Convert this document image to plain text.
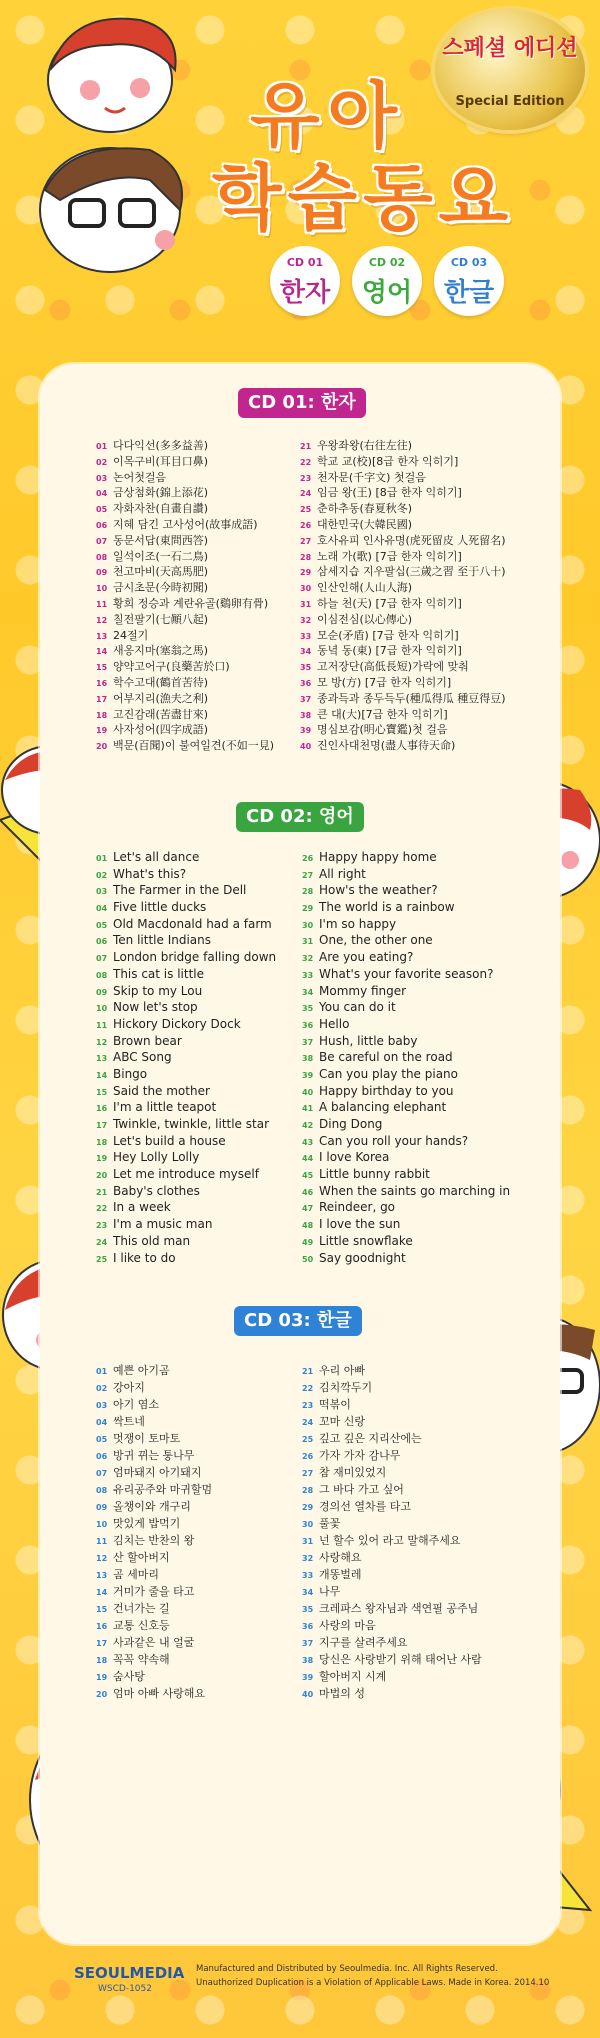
유아
학습동요
스페셜 에디션
Special Edition
CD 01
한자
CD 02
영어
CD 03
한글
CD 01: 한자
01 다다익선(多多益善)
02 이목구비(耳目口鼻)
03 논어첫걸음
04 금상첨화(錦上添花)
05 자화자찬(自畫自讚)
06 지혜 담긴 고사성어(故事成語)
07 동문서답(東問西答)
08 일석이조(一石二鳥)
09 천고마비(天高馬肥)
10 금시초문(今時初聞)
11 황희 정승과 계란유골(鷄卵有骨)
12 칠전팔기(七顚八起)
13 24절기
14 새옹지마(塞翁之馬)
15 양약고어구(良藥苦於口)
16 학수고대(鶴首苦待)
17 어부지리(漁夫之利)
18 고진감래(苦盡甘來)
19 사자성어(四字成語)
20 백문(百聞)이 불여일견(不如一見)
21 우왕좌왕(右往左往)
22 학교 교(校)[8급 한자 익히기]
23 천자문(千字文) 첫걸음
24 임금 왕(王) [8급 한자 익히기]
25 춘하추동(春夏秋冬)
26 대한민국(大韓民國)
27 호사유피 인사유명(虎死留皮 人死留名)
28 노래 가(歌) [7급 한자 익히기]
29 삼세지습 지우팔십(三歲之習 至于八十)
30 인산인해(人山人海)
31 하늘 천(天) [7급 한자 익히기]
32 이심전심(以心傳心)
33 모순(矛盾) [7급 한자 익히기]
34 동녘 동(東) [7급 한자 익히기]
35 고저장단(高低長短)가락에 맞춰
36 모 방(方) [7급 한자 익히기]
37 종과득과 종두득두(種瓜得瓜 種豆得豆)
38 큰 대(大)[7급 한자 익히기]
39 명심보감(明心寶鑑)첫 걸음
40 진인사대천명(盡人事待天命)
CD 02: 영어
01 Let's all dance
02 What's this?
03 The Farmer in the Dell
04 Five little ducks
05 Old Macdonald had a farm
06 Ten little Indians
07 London bridge falling down
08 This cat is little
09 Skip to my Lou
10 Now let's stop
11 Hickory Dickory Dock
12 Brown bear
13 ABC Song
14 Bingo
15 Said the mother
16 I'm a little teapot
17 Twinkle, twinkle, little star
18 Let's build a house
19 Hey Lolly Lolly
20 Let me introduce myself
21 Baby's clothes
22 In a week
23 I'm a music man
24 This old man
25 I like to do
26 Happy happy home
27 All right
28 How's the weather?
29 The world is a rainbow
30 I'm so happy
31 One, the other one
32 Are you eating?
33 What's your favorite season?
34 Mommy finger
35 You can do it
36 Hello
37 Hush, little baby
38 Be careful on the road
39 Can you play the piano
40 Happy birthday to you
41 A balancing elephant
42 Ding Dong
43 Can you roll your hands?
44 I love Korea
45 Little bunny rabbit
46 When the saints go marching in
47 Reindeer, go
48 I love the sun
49 Little snowflake
50 Say goodnight
CD 03: 한글
01 예쁜 아기곰
02 강아지
03 아기 염소
04 싹트네
05 멋쟁이 토마토
06 방귀 뀌는 퉁나무
07 엄마돼지 아기돼지
08 유리공주와 마귀할멈
09 올챙이와 개구리
10 맛있게 밥먹기
11 김치는 반찬의 왕
12 산 할아버지
13 곰 세마리
14 거미가 줄을 타고
15 건너가는 길
16 교통 신호등
17 사과같은 내 얼굴
18 꼭꼭 약속해
19 숨사탕
20 엄마 아빠 사랑해요
21 우리 아빠
22 김치깍두기
23 떡볶이
24 꼬마 신랑
25 깊고 깊은 지리산에는
26 가자 가자 감나무
27 참 재미있었지
28 그 바다 가고 싶어
29 경의선 열차를 타고
30 풀꽃
31 넌 할수 있어 라고 말해주세요
32 사랑해요
33 개똥벌레
34 나무
35 크레파스 왕자님과 색연필 공주님
36 사랑의 마음
37 지구를 살려주세요
38 당신은 사랑받기 위해 태어난 사람
39 할아버지 시계
40 마법의 성
SEOULMEDIA
WSCD-1052
Manufactured and Distributed by Seoulmedia. Inc. All Rights Reserved.
Unauthorized Duplication is a Violation of Applicable Laws. Made in Korea. 2014.10
